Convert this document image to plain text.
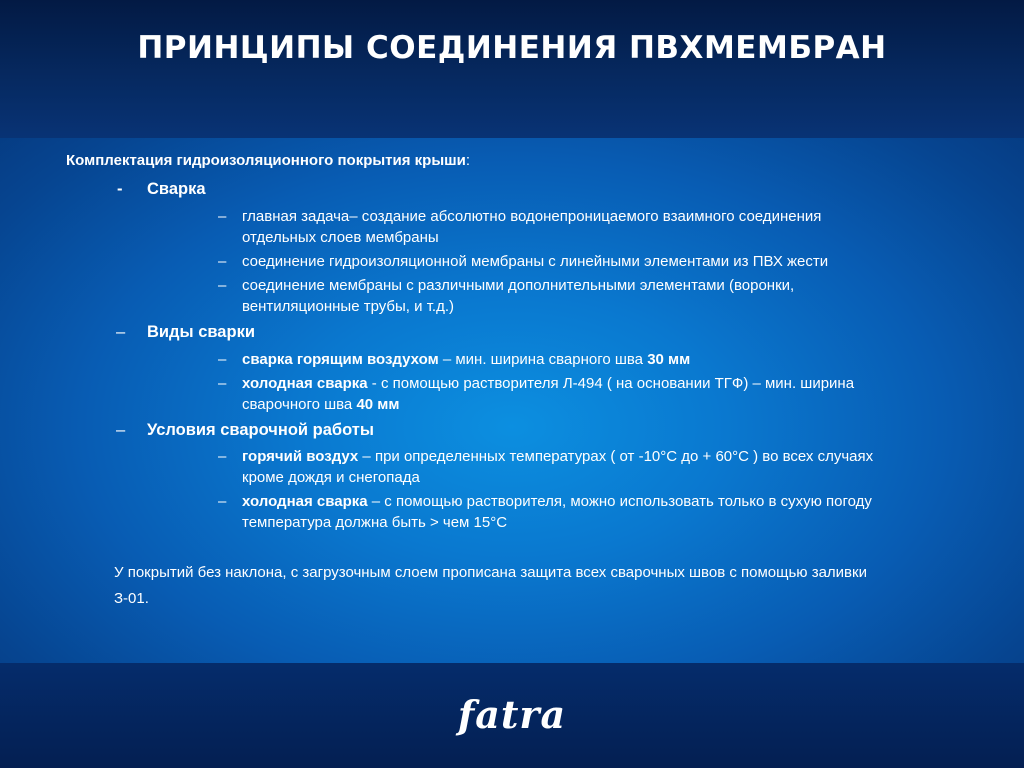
ПРИНЦИПЫ СОЕДИНЕНИЯ ПВХМЕМБРАН
fatra
Комплектация гидроизоляционного покрытия крыши:
- Сварка
– главная задача– создание абсолютно водонепроницаемого взаимного соединения
отдельных слоев мембраны
– соединение гидроизоляционной мембраны с линейными элементами из ПВХ жести
– соединение мембраны с различными дополнительными элементами (воронки,
вентиляционные трубы, и т.д.)
– Виды сварки
– сварка горящим воздухом – мин. ширина сварного шва 30 мм
– холодная сварка - с помощью растворителя Л-494 ( на основании ТГФ) – мин. ширина
сварочного шва 40 мм
– Условия сварочной работы
– горячий воздух – при определенных температурах ( от -10°C до + 60°C ) во всех случаях
кроме дождя и снегопада
– холодная сварка – с помощью растворителя, можно использовать только в сухую погоду
температура должна быть > чем 15°C
У покрытий без наклона, с загрузочным слоем прописана защита всех сварочных швов с помощью заливки
З-01.
